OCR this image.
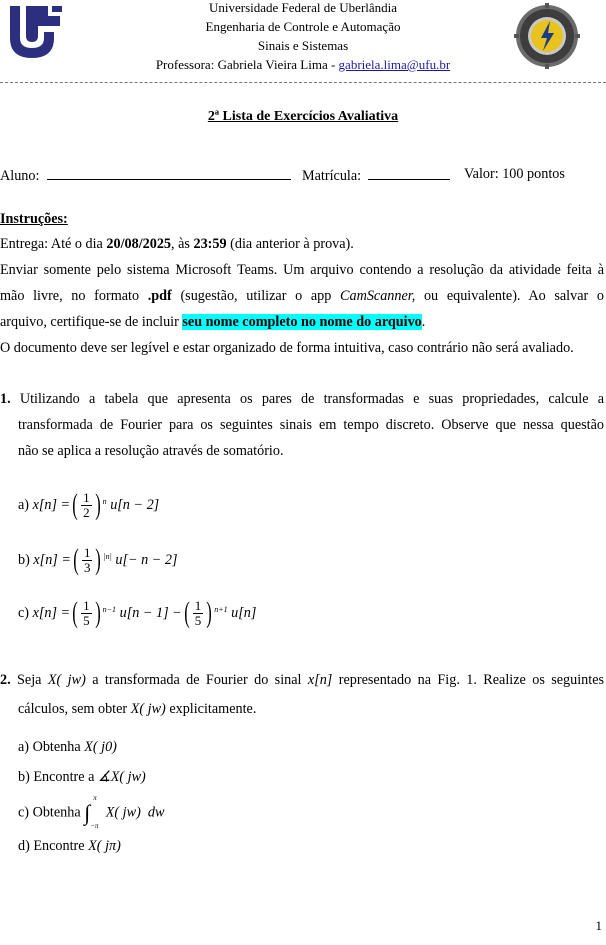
Universidade Federal de Uberlândia
Engenharia de Controle e Automação
Sinais e Sistemas
Professora: Gabriela Vieira Lima - gabriela.lima@ufu.br
2ª Lista de Exercícios Avaliativa
Aluno:	Matrícula:	Valor: 100 pontos
Instruções:
Entrega: Até o dia 20/08/2025, às 23:59 (dia anterior à prova).
Enviar somente pelo sistema Microsoft Teams. Um arquivo contendo a resolução da atividade feita à
mão livre, no formato .pdf (sugestão, utilizar o app CamScanner, ou equivalente). Ao salvar o
arquivo, certifique-se de incluir seu nome completo no nome do arquivo.
O documento deve ser legível e estar organizado de forma intuitiva, caso contrário não será avaliado.
1. Utilizando a tabela que apresenta os pares de transformadas e suas propriedades, calcule a
transformada de Fourier para os seguintes sinais em tempo discreto. Observe que nessa questão
não se aplica a resolução através de somatório.
a)
x[n] = ( $\frac{1}{2}$ ) $^n$ u[n − 2]
b)
x[n] = ( $\frac{1}{3}$ ) $^{|n|}$ u[− n − 2]
c)
x[n] = ( $\frac{1}{5}$ ) $^{n-1}$ u[n − 1] − ( $\frac{1}{5}$ ) $^{n+1}$ u[n]
2. Seja X( jw) a transformada de Fourier do sinal x[n] representado na Fig. 1. Realize os seguintes
cálculos, sem obter X( jw) explicitamente.
a) Obtenha X( j0)
b) Encontre a ∡X( jw)
c) Obtenha ∫
π
−π
X( jw)  dw
d) Encontre X( jπ)
1
